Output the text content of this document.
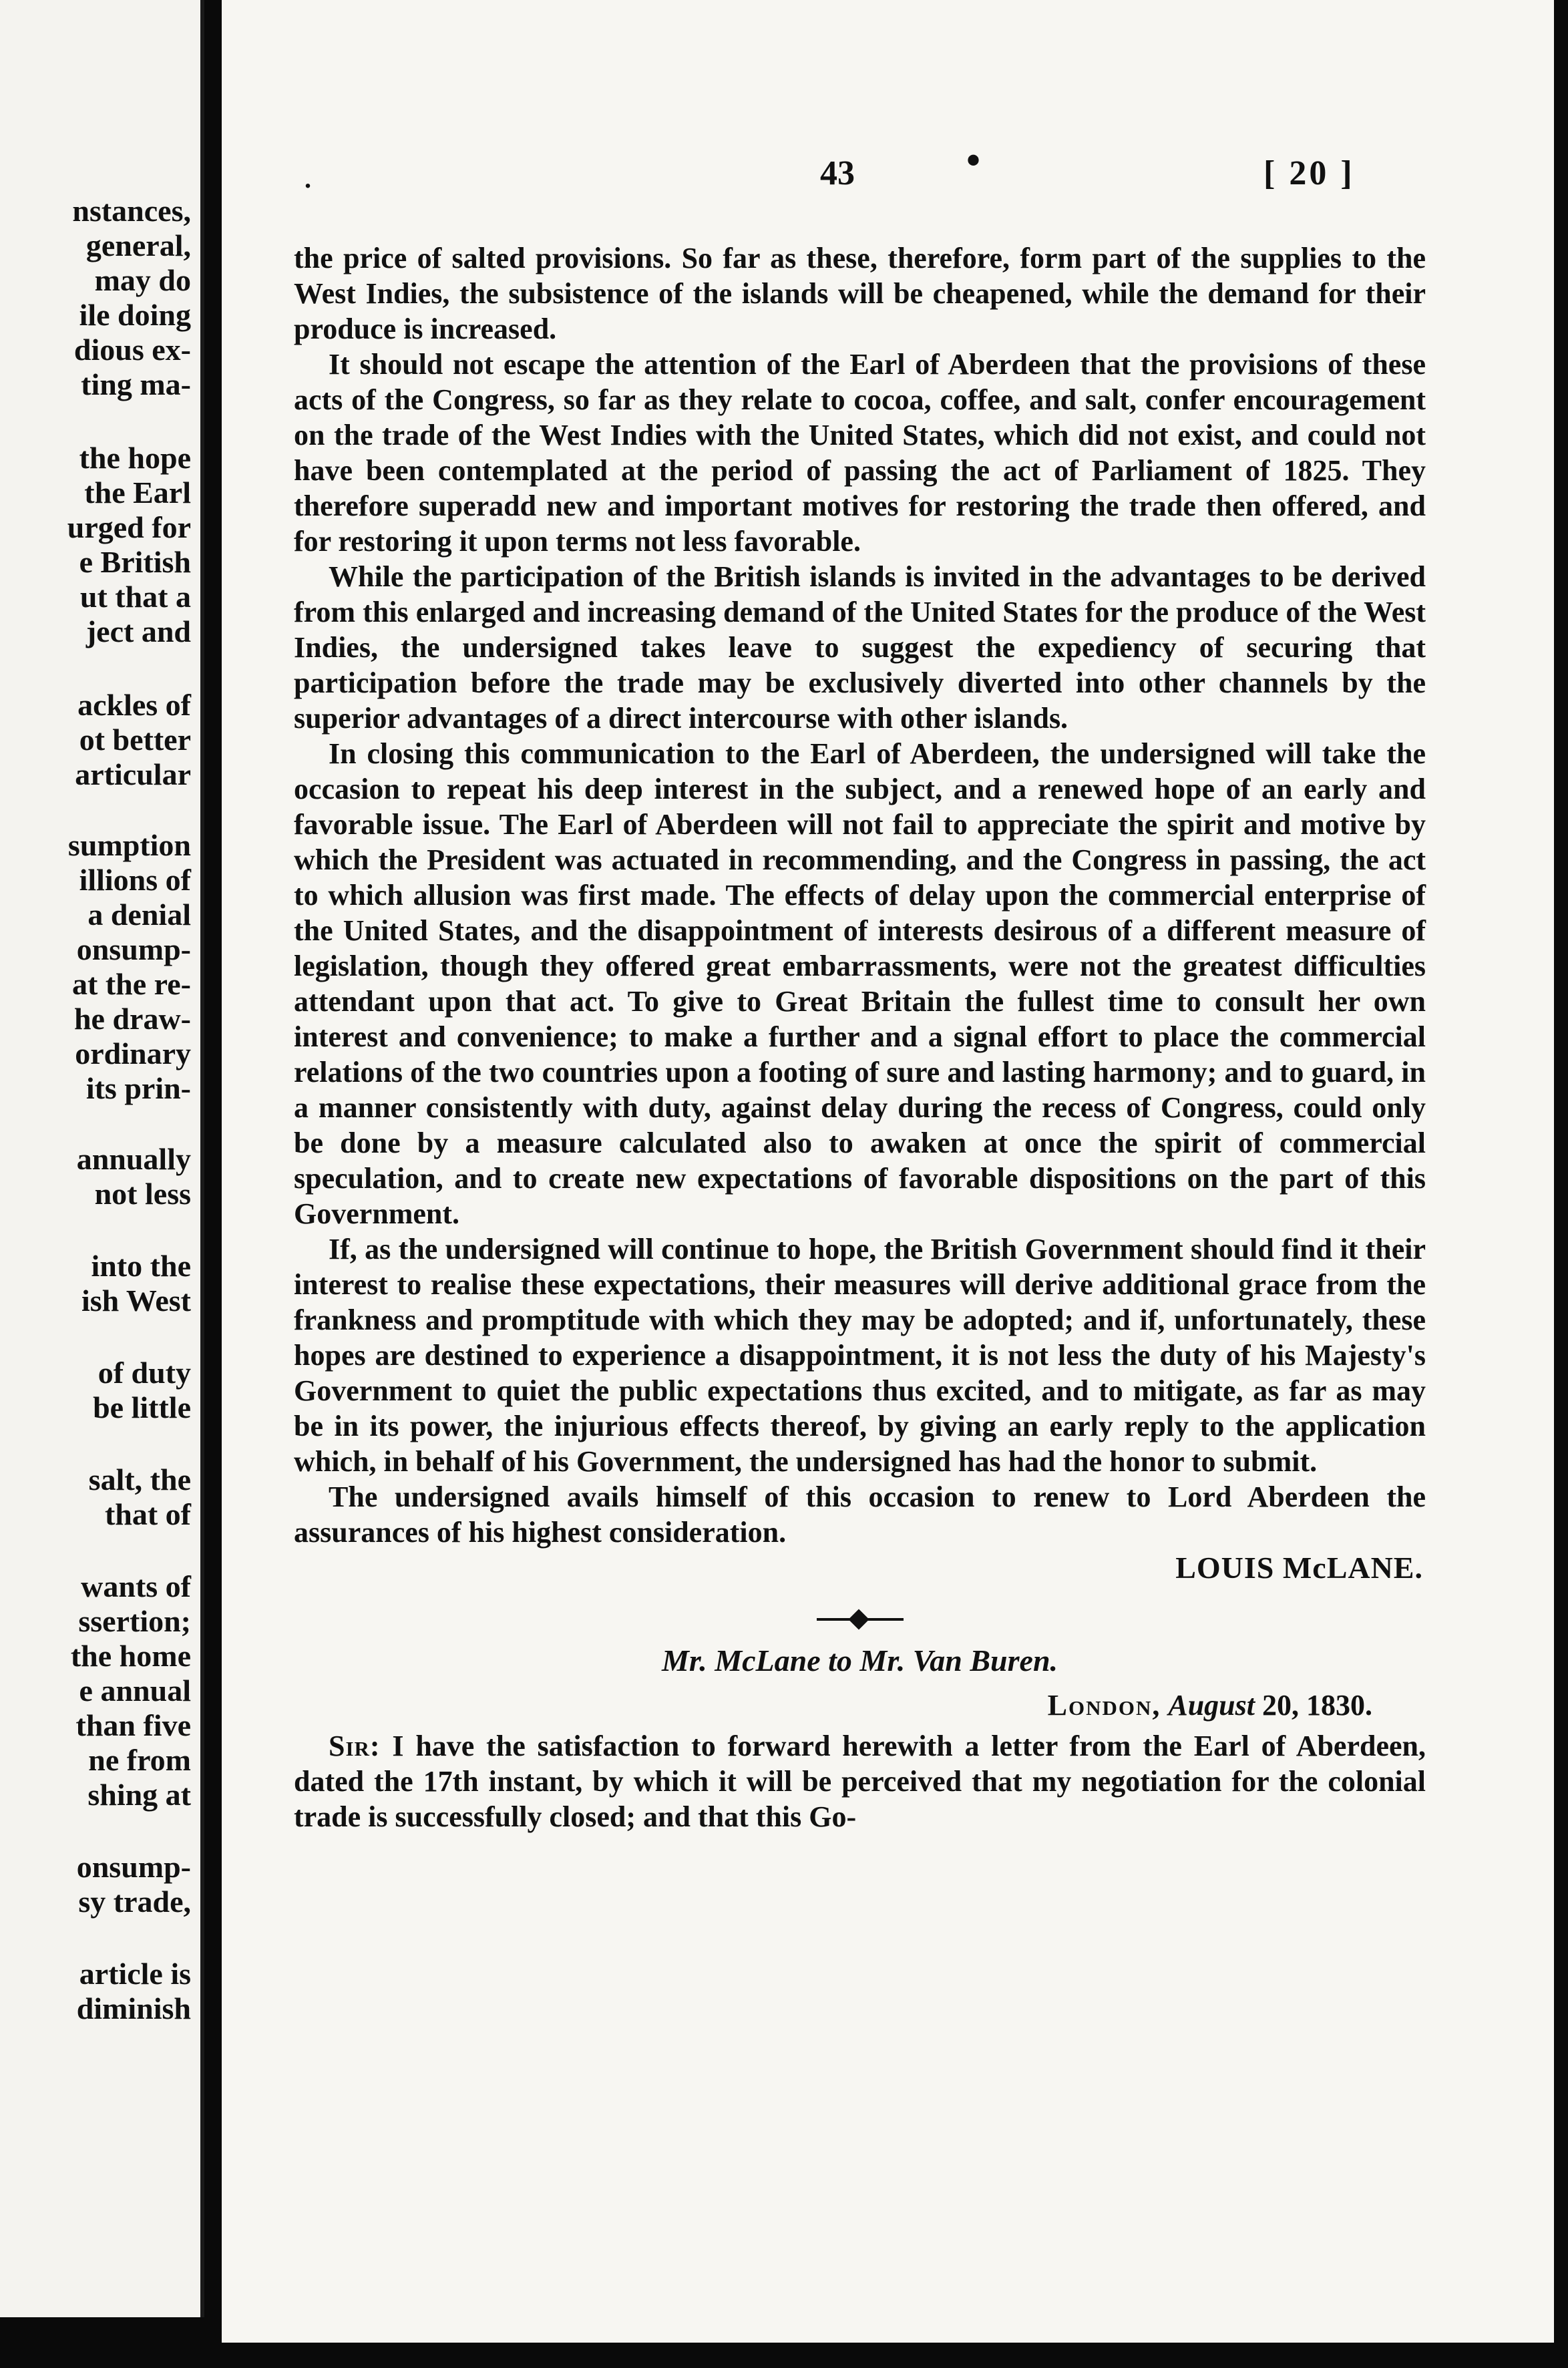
nstances,
general,
may do
ile doing
dious ex-
ting ma-
the hope
the Earl
urged for
e British
ut that a
ject and
ackles of
ot better
articular
sumption
illions of
a denial
onsump-
at the re-
he draw-
ordinary
its prin-
annually
not less
into the
ish West
of duty
be little
salt, the
that of
wants of
ssertion;
the home
e annual
than five
ne from
shing at
onsump-
sy trade,
article is
diminish
.	43	•	[ 20 ]

the price of salted provisions. So far as these, therefore, form part of the supplies to the West Indies, the subsistence of the islands will be cheapened, while the demand for their produce is increased.

It should not escape the attention of the Earl of Aberdeen that the provisions of these acts of the Congress, so far as they relate to cocoa, coffee, and salt, confer encouragement on the trade of the West Indies with the United States, which did not exist, and could not have been contemplated at the period of passing the act of Parliament of 1825. They therefore superadd new and important motives for restoring the trade then offered, and for restoring it upon terms not less favorable.

While the participation of the British islands is invited in the advantages to be derived from this enlarged and increasing demand of the United States for the produce of the West Indies, the undersigned takes leave to suggest the expediency of securing that participation before the trade may be exclusively diverted into other channels by the superior advantages of a direct intercourse with other islands.

In closing this communication to the Earl of Aberdeen, the undersigned will take the occasion to repeat his deep interest in the subject, and a renewed hope of an early and favorable issue. The Earl of Aberdeen will not fail to appreciate the spirit and motive by which the President was actuated in recommending, and the Congress in passing, the act to which allusion was first made. The effects of delay upon the commercial enterprise of the United States, and the disappointment of interests desirous of a different measure of legislation, though they offered great embarrassments, were not the greatest difficulties attendant upon that act. To give to Great Britain the fullest time to consult her own interest and convenience; to make a further and a signal effort to place the commercial relations of the two countries upon a footing of sure and lasting harmony; and to guard, in a manner consistently with duty, against delay during the recess of Congress, could only be done by a measure calculated also to awaken at once the spirit of commercial speculation, and to create new expectations of favorable dispositions on the part of this Government.

If, as the undersigned will continue to hope, the British Government should find it their interest to realise these expectations, their measures will derive additional grace from the frankness and promptitude with which they may be adopted; and if, unfortunately, these hopes are destined to experience a disappointment, it is not less the duty of his Majesty's Government to quiet the public expectations thus excited, and to mitigate, as far as may be in its power, the injurious effects thereof, by giving an early reply to the application which, in behalf of his Government, the undersigned has had the honor to submit.

The undersigned avails himself of this occasion to renew to Lord Aberdeen the assurances of his highest consideration.

LOUIS McLANE.

Mr. McLane to Mr. Van Buren.

London, August 20, 1830.

Sir: I have the satisfaction to forward herewith a letter from the Earl of Aberdeen, dated the 17th instant, by which it will be perceived that my negotiation for the colonial trade is successfully closed; and that this Go-
